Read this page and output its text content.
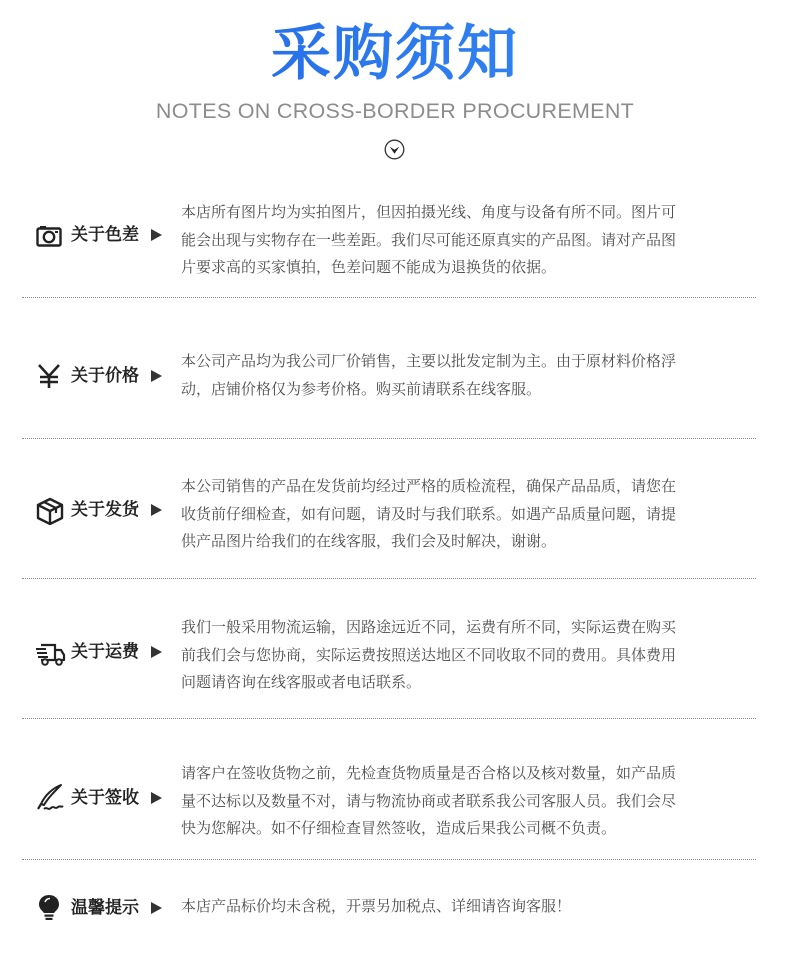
采购须知
NOTES ON CROSS-BORDER PROCUREMENT
关于色差
本店所有图片均为实拍图片，但因拍摄光线、角度与设备有所不同。图片可
能会出现与实物存在一些差距。我们尽可能还原真实的产品图。请对产品图
片要求高的买家慎拍，色差问题不能成为退换货的依据。
关于价格
本公司产品均为我公司厂价销售，主要以批发定制为主。由于原材料价格浮
动，店铺价格仅为参考价格。购买前请联系在线客服。
关于发货
本公司销售的产品在发货前均经过严格的质检流程，确保产品品质，请您在
收货前仔细检查，如有问题，请及时与我们联系。如遇产品质量问题，请提
供产品图片给我们的在线客服，我们会及时解决，谢谢。
关于运费
我们一般采用物流运输，因路途远近不同，运费有所不同，实际运费在购买
前我们会与您协商，实际运费按照送达地区不同收取不同的费用。具体费用
问题请咨询在线客服或者电话联系。
关于签收
请客户在签收货物之前，先检查货物质量是否合格以及核对数量，如产品质
量不达标以及数量不对，请与物流协商或者联系我公司客服人员。我们会尽
快为您解决。如不仔细检查冒然签收，造成后果我公司概不负责。
温馨提示	本店产品标价均未含税，开票另加税点、详细请咨询客服！
